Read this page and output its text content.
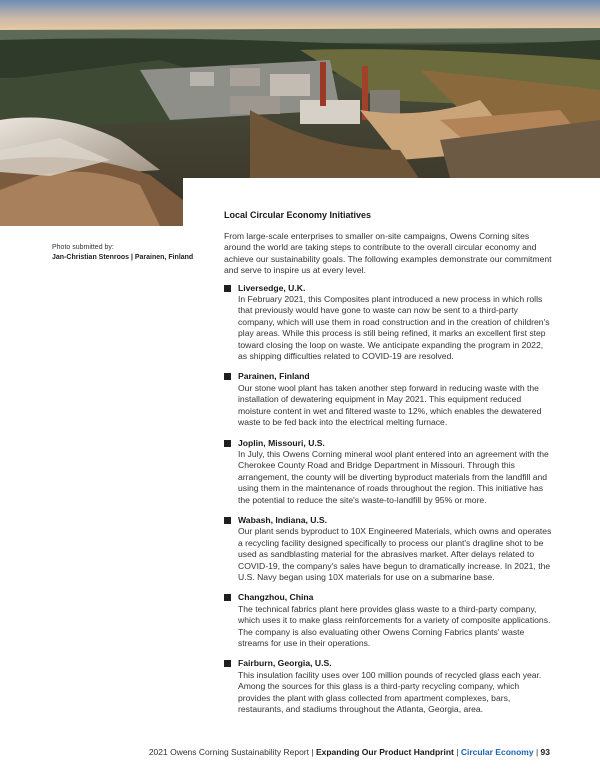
Photo submitted by:
Jan-Christian Stenroos | Parainen, Finland
Local Circular Economy Initiatives

From large-scale enterprises to smaller on-site campaigns, Owens Corning sites around the world are taking steps to contribute to the overall circular economy and achieve our sustainability goals. The following examples demonstrate our commitment and serve to inspire us at every level.

Liversedge, U.K.
In February 2021, this Composites plant introduced a new process in which rolls that previously would have gone to waste can now be sent to a third-party company, which will use them in road construction and in the creation of children's play areas. While this process is still being refined, it marks an excellent first step toward closing the loop on waste. We anticipate expanding the program in 2022, as shipping difficulties related to COVID-19 are resolved.
Parainen, Finland
Our stone wool plant has taken another step forward in reducing waste with the installation of dewatering equipment in May 2021. This equipment reduced moisture content in wet and filtered waste to 12%, which enables the dewatered waste to be fed back into the electrical melting furnace.
Joplin, Missouri, U.S.
In July, this Owens Corning mineral wool plant entered into an agreement with the Cherokee County Road and Bridge Department in Missouri. Through this arrangement, the county will be diverting byproduct materials from the landfill and using them in the maintenance of roads throughout the region. This initiative has the potential to reduce the site's waste-to-landfill by 95% or more.
Wabash, Indiana, U.S.
Our plant sends byproduct to 10X Engineered Materials, which owns and operates a recycling facility designed specifically to process our plant's dragline shot to be used as sandblasting material for the abrasives market. After delays related to COVID-19, the company's sales have begun to dramatically increase. In 2021, the U.S. Navy began using 10X materials for use on a submarine base.
Changzhou, China
The technical fabrics plant here provides glass waste to a third-party company, which uses it to make glass reinforcements for a variety of composite applications. The company is also evaluating other Owens Corning Fabrics plants' waste streams for use in their operations.
Fairburn, Georgia, U.S.
This insulation facility uses over 100 million pounds of recycled glass each year. Among the sources for this glass is a third-party recycling company, which provides the plant with glass collected from apartment complexes, bars, restaurants, and stadiums throughout the Atlanta, Georgia, area.
2021 Owens Corning Sustainability Report | Expanding Our Product Handprint | Circular Economy | 93
